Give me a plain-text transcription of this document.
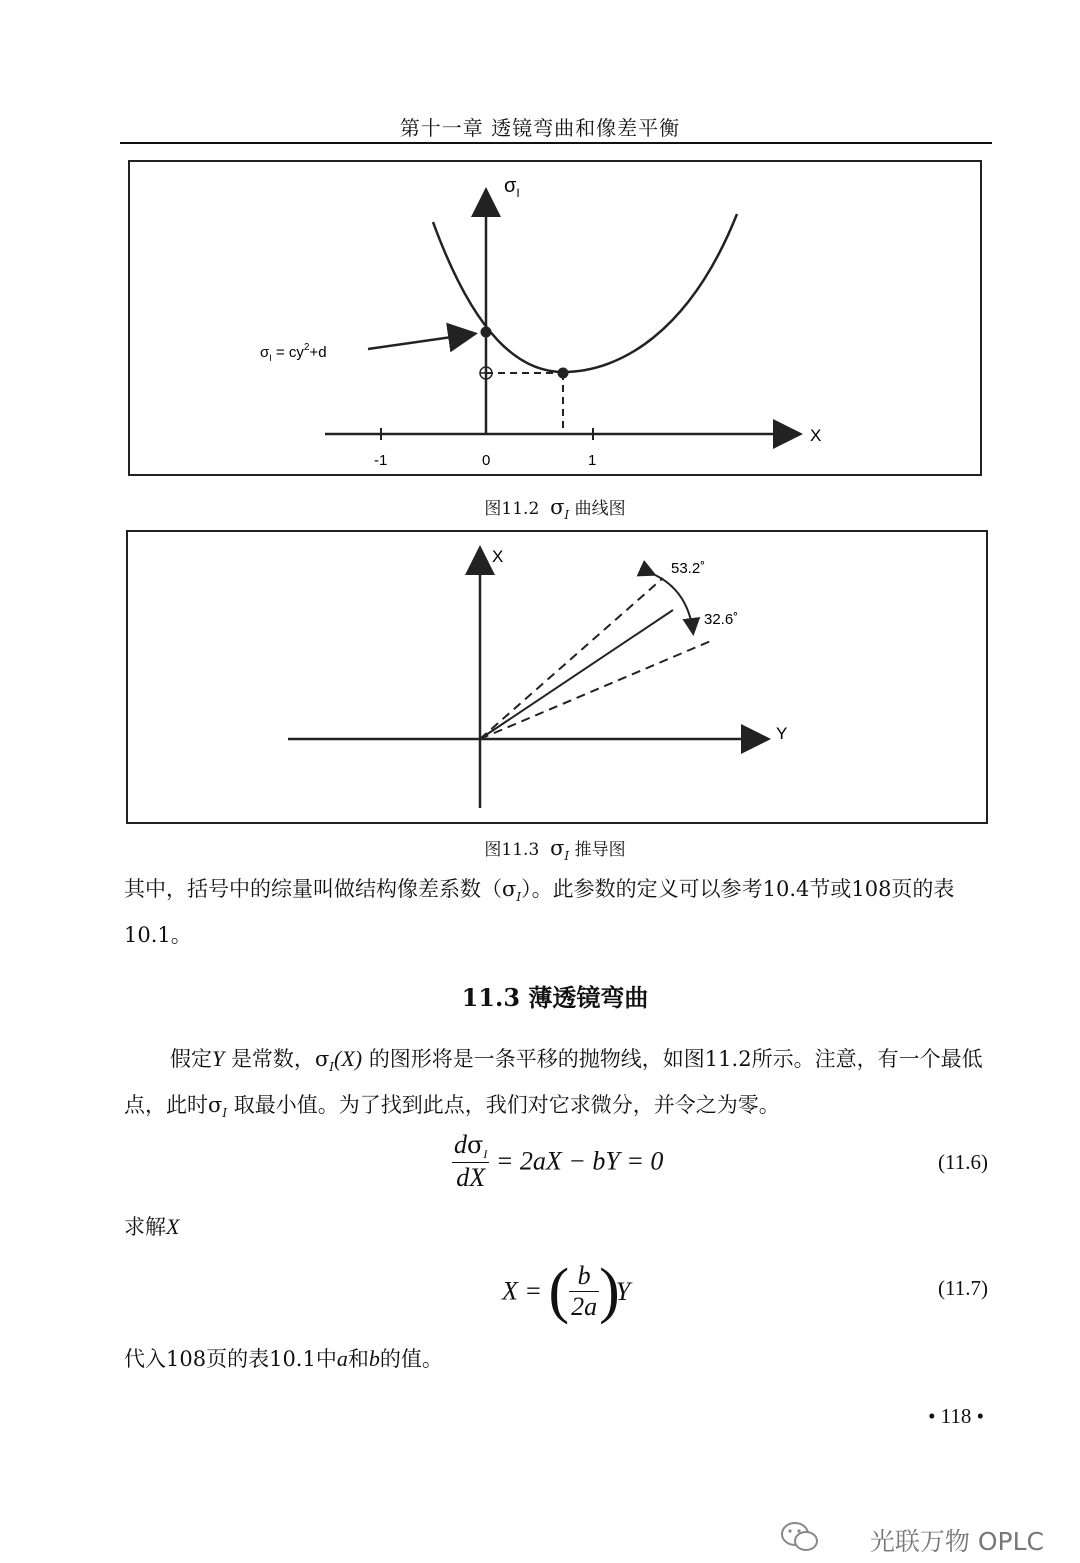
第十一章 透镜弯曲和像差平衡
$\sigma_I$
X
$\sigma_I = cy^2+d$
-1	0	1
图11.2 $\sigma_I$ 曲线图
X
Y
53.2˚
32.6˚
图11.3 $\sigma_I$ 推导图
其中，括号中的综量叫做结构像差系数$(\sigma_I)$。此参数的定义可以参考10.4节或108页的表10.1。
11.3 薄透镜弯曲
假定Y 是常数，$\sigma_I(X)$ 的图形将是一条平移的抛物线，如图11.2所示。注意，有一个最低点，此时$\sigma_I$ 取最小值。为了找到此点，我们对它求微分，并令之为零。
$\frac{d\sigma_I}{dX} = 2aX$ − bY = 0	(11.6)
求解X
X = ( $\frac{b}{2a} )Y$	(11.7)
代入108页的表10.1中a和b的值。
• 118 •
光联万物 OPLC
